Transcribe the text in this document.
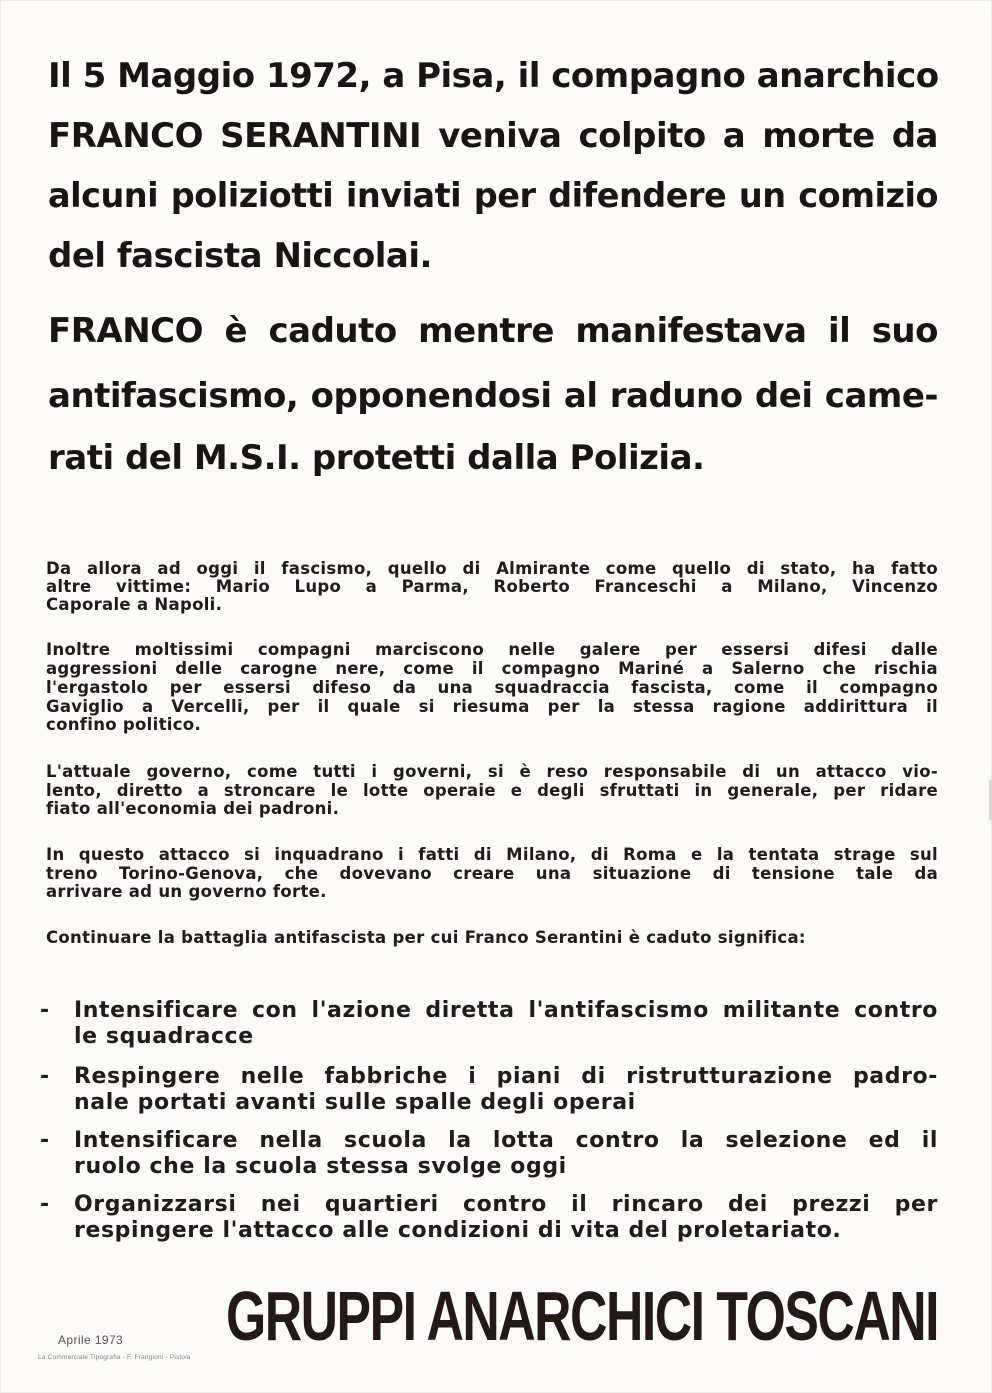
Il 5 Maggio 1972, a Pisa, il compagno anarchico
FRANCO SERANTINI veniva colpito a morte da
alcuni poliziotti inviati per difendere un comizio
del fascista Niccolai.
FRANCO è caduto mentre manifestava il suo
antifascismo, opponendosi al raduno dei came-
rati del M.S.I. protetti dalla Polizia.
Da allora ad oggi il fascismo, quello di Almirante come quello di stato, ha fatto
altre vittime: Mario Lupo a Parma, Roberto Franceschi a Milano, Vincenzo
Caporale a Napoli.
Inoltre moltissimi compagni marciscono nelle galere per essersi difesi dalle
aggressioni delle carogne nere, come il compagno Mariné a Salerno che rischia
l'ergastolo per essersi difeso da una squadraccia fascista, come il compagno
Gaviglio a Vercelli, per il quale si riesuma per la stessa ragione addirittura il
confino politico.
L'attuale governo, come tutti i governi, si è reso responsabile di un attacco vio-
lento, diretto a stroncare le lotte operaie e degli sfruttati in generale, per ridare
fiato all'economia dei padroni.
In questo attacco si inquadrano i fatti di Milano, di Roma e la tentata strage sul
treno Torino-Genova, che dovevano creare una situazione di tensione tale da
arrivare ad un governo forte.
Continuare la battaglia antifascista per cui Franco Serantini è caduto significa:
- Intensificare con l'azione diretta l'antifascismo militante contro
le squadracce
- Respingere nelle fabbriche i piani di ristrutturazione padro-
nale portati avanti sulle spalle degli operai
- Intensificare nella scuola la lotta contro la selezione ed il
ruolo che la scuola stessa svolge oggi
- Organizzarsi nei quartieri contro il rincaro dei prezzi per
respingere l'attacco alle condizioni di vita del proletariato.
GRUPPI ANARCHICI TOSCANI
Aprile 1973
La Commerciale Tipografia - F. Frangioni - Pistoia
